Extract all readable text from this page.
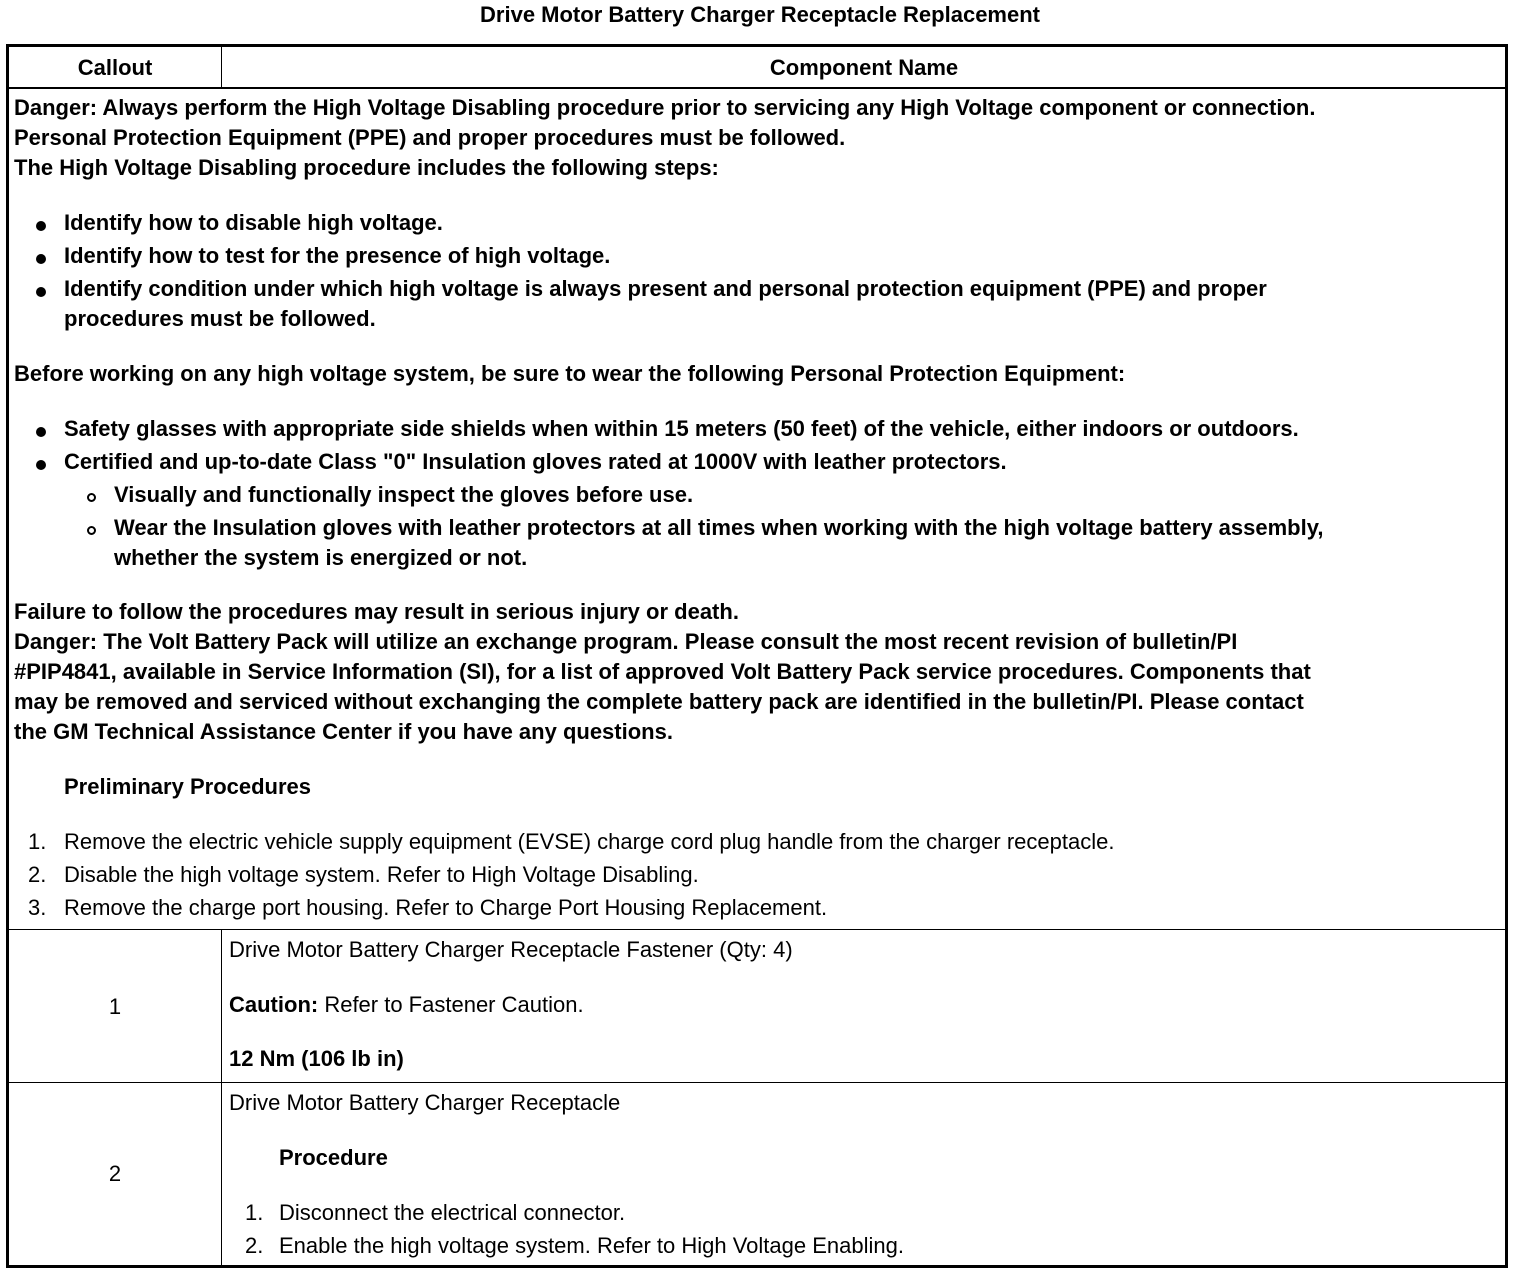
Drive Motor Battery Charger Receptacle Replacement
Callout	Component Name
Danger: Always perform the High Voltage Disabling procedure prior to servicing any High Voltage component or connection.
Personal Protection Equipment (PPE) and proper procedures must be followed.
The High Voltage Disabling procedure includes the following steps:
Identify how to disable high voltage.
Identify how to test for the presence of high voltage.
Identify condition under which high voltage is always present and personal protection equipment (PPE) and proper
procedures must be followed.
Before working on any high voltage system, be sure to wear the following Personal Protection Equipment:
Safety glasses with appropriate side shields when within 15 meters (50 feet) of the vehicle, either indoors or outdoors.
Certified and up-to-date Class "0" Insulation gloves rated at 1000V with leather protectors.
Visually and functionally inspect the gloves before use.
Wear the Insulation gloves with leather protectors at all times when working with the high voltage battery assembly,
whether the system is energized or not.
Failure to follow the procedures may result in serious injury or death.
Danger: The Volt Battery Pack will utilize an exchange program. Please consult the most recent revision of bulletin/PI
#PIP4841, available in Service Information (SI), for a list of approved Volt Battery Pack service procedures. Components that
may be removed and serviced without exchanging the complete battery pack are identified in the bulletin/PI. Please contact
the GM Technical Assistance Center if you have any questions.
Preliminary Procedures
1. Remove the electric vehicle supply equipment (EVSE) charge cord plug handle from the charger receptacle.
2. Disable the high voltage system. Refer to High Voltage Disabling.
3. Remove the charge port housing. Refer to Charge Port Housing Replacement.
1
Drive Motor Battery Charger Receptacle Fastener (Qty: 4)
Caution: Refer to Fastener Caution.
12 Nm (106 lb in)
2
Drive Motor Battery Charger Receptacle
Procedure
1. Disconnect the electrical connector.
2. Enable the high voltage system. Refer to High Voltage Enabling.
